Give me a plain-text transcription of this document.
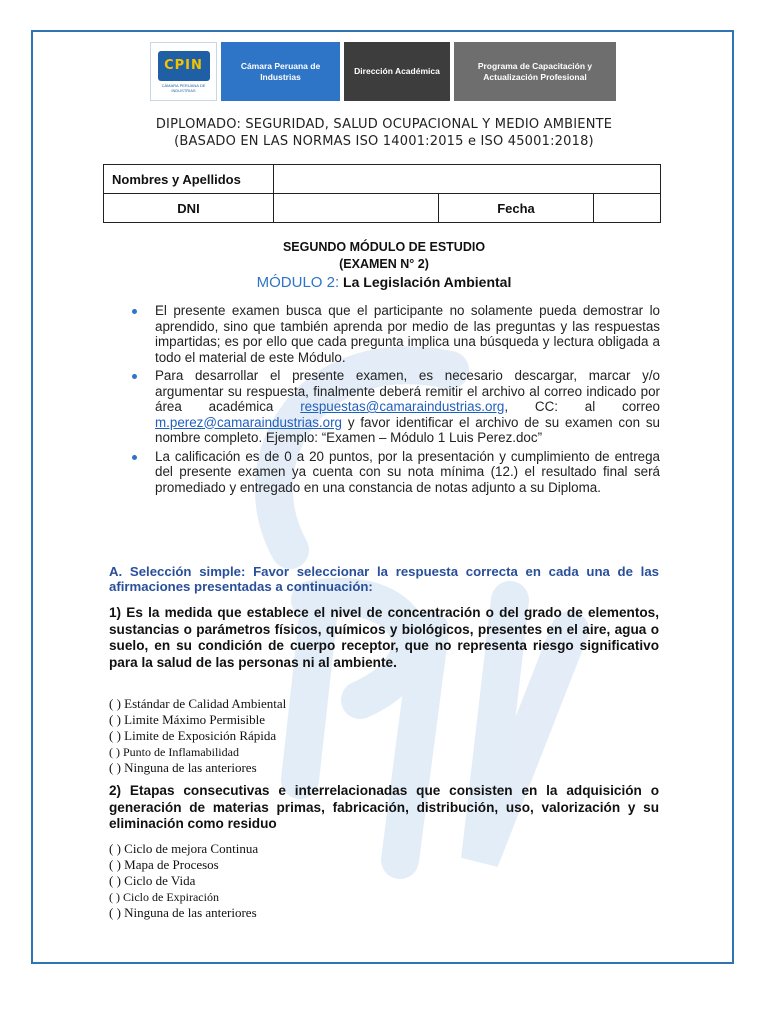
CPIN
CÁMARA PERUANA DE INDUSTRIAS
Cámara Peruana de Industrias
Dirección Académica
Programa de Capacitación y Actualización Profesional
DIPLOMADO: SEGURIDAD, SALUD OCUPACIONAL Y MEDIO AMBIENTE
(BASADO EN LAS NORMAS ISO 14001:2015 e ISO 45001:2018)
Nombres y Apellidos			
DNI		Fecha	
SEGUNDO MÓDULO DE ESTUDIO
(EXAMEN N° 2)
MÓDULO 2: La Legislación Ambiental
El presente examen busca que el participante no solamente pueda demostrar lo aprendido, sino que también aprenda por medio de las preguntas y las respuestas impartidas; es por ello que cada pregunta implica una búsqueda y lectura obligada a todo el material de este Módulo.
Para desarrollar el presente examen, es necesario descargar, marcar y/o argumentar su respuesta, finalmente deberá remitir el archivo al correo indicado por área académica respuestas@camaraindustrias.org, CC: al correo m.perez@camaraindustrias.org y favor identificar el archivo de su examen con su nombre completo. Ejemplo: “Examen – Módulo 1 Luis Perez.doc”
La calificación es de 0 a 20 puntos, por la presentación y cumplimiento de entrega del presente examen ya cuenta con su nota mínima (12.) el resultado final será promediado y entregado en una constancia de notas adjunto a su Diploma.
A. Selección simple: Favor seleccionar la respuesta correcta en cada una de las afirmaciones presentadas a continuación:
1) Es la medida que establece el nivel de concentración o del grado de elementos, sustancias o parámetros físicos, químicos y biológicos, presentes en el aire, agua o suelo, en su condición de cuerpo receptor, que no representa riesgo significativo para la salud de las personas ni al ambiente.
( ) Estándar de Calidad Ambiental
( ) Limite Máximo Permisible
( ) Limite de Exposición Rápida
( ) Punto de Inflamabilidad
( ) Ninguna de las anteriores
2) Etapas consecutivas e interrelacionadas que consisten en la adquisición o generación de materias primas, fabricación, distribución, uso, valorización y su eliminación como residuo
( ) Ciclo de mejora Continua
( ) Mapa de Procesos
( ) Ciclo de Vida
( ) Ciclo de Expiración
( ) Ninguna de las anteriores
